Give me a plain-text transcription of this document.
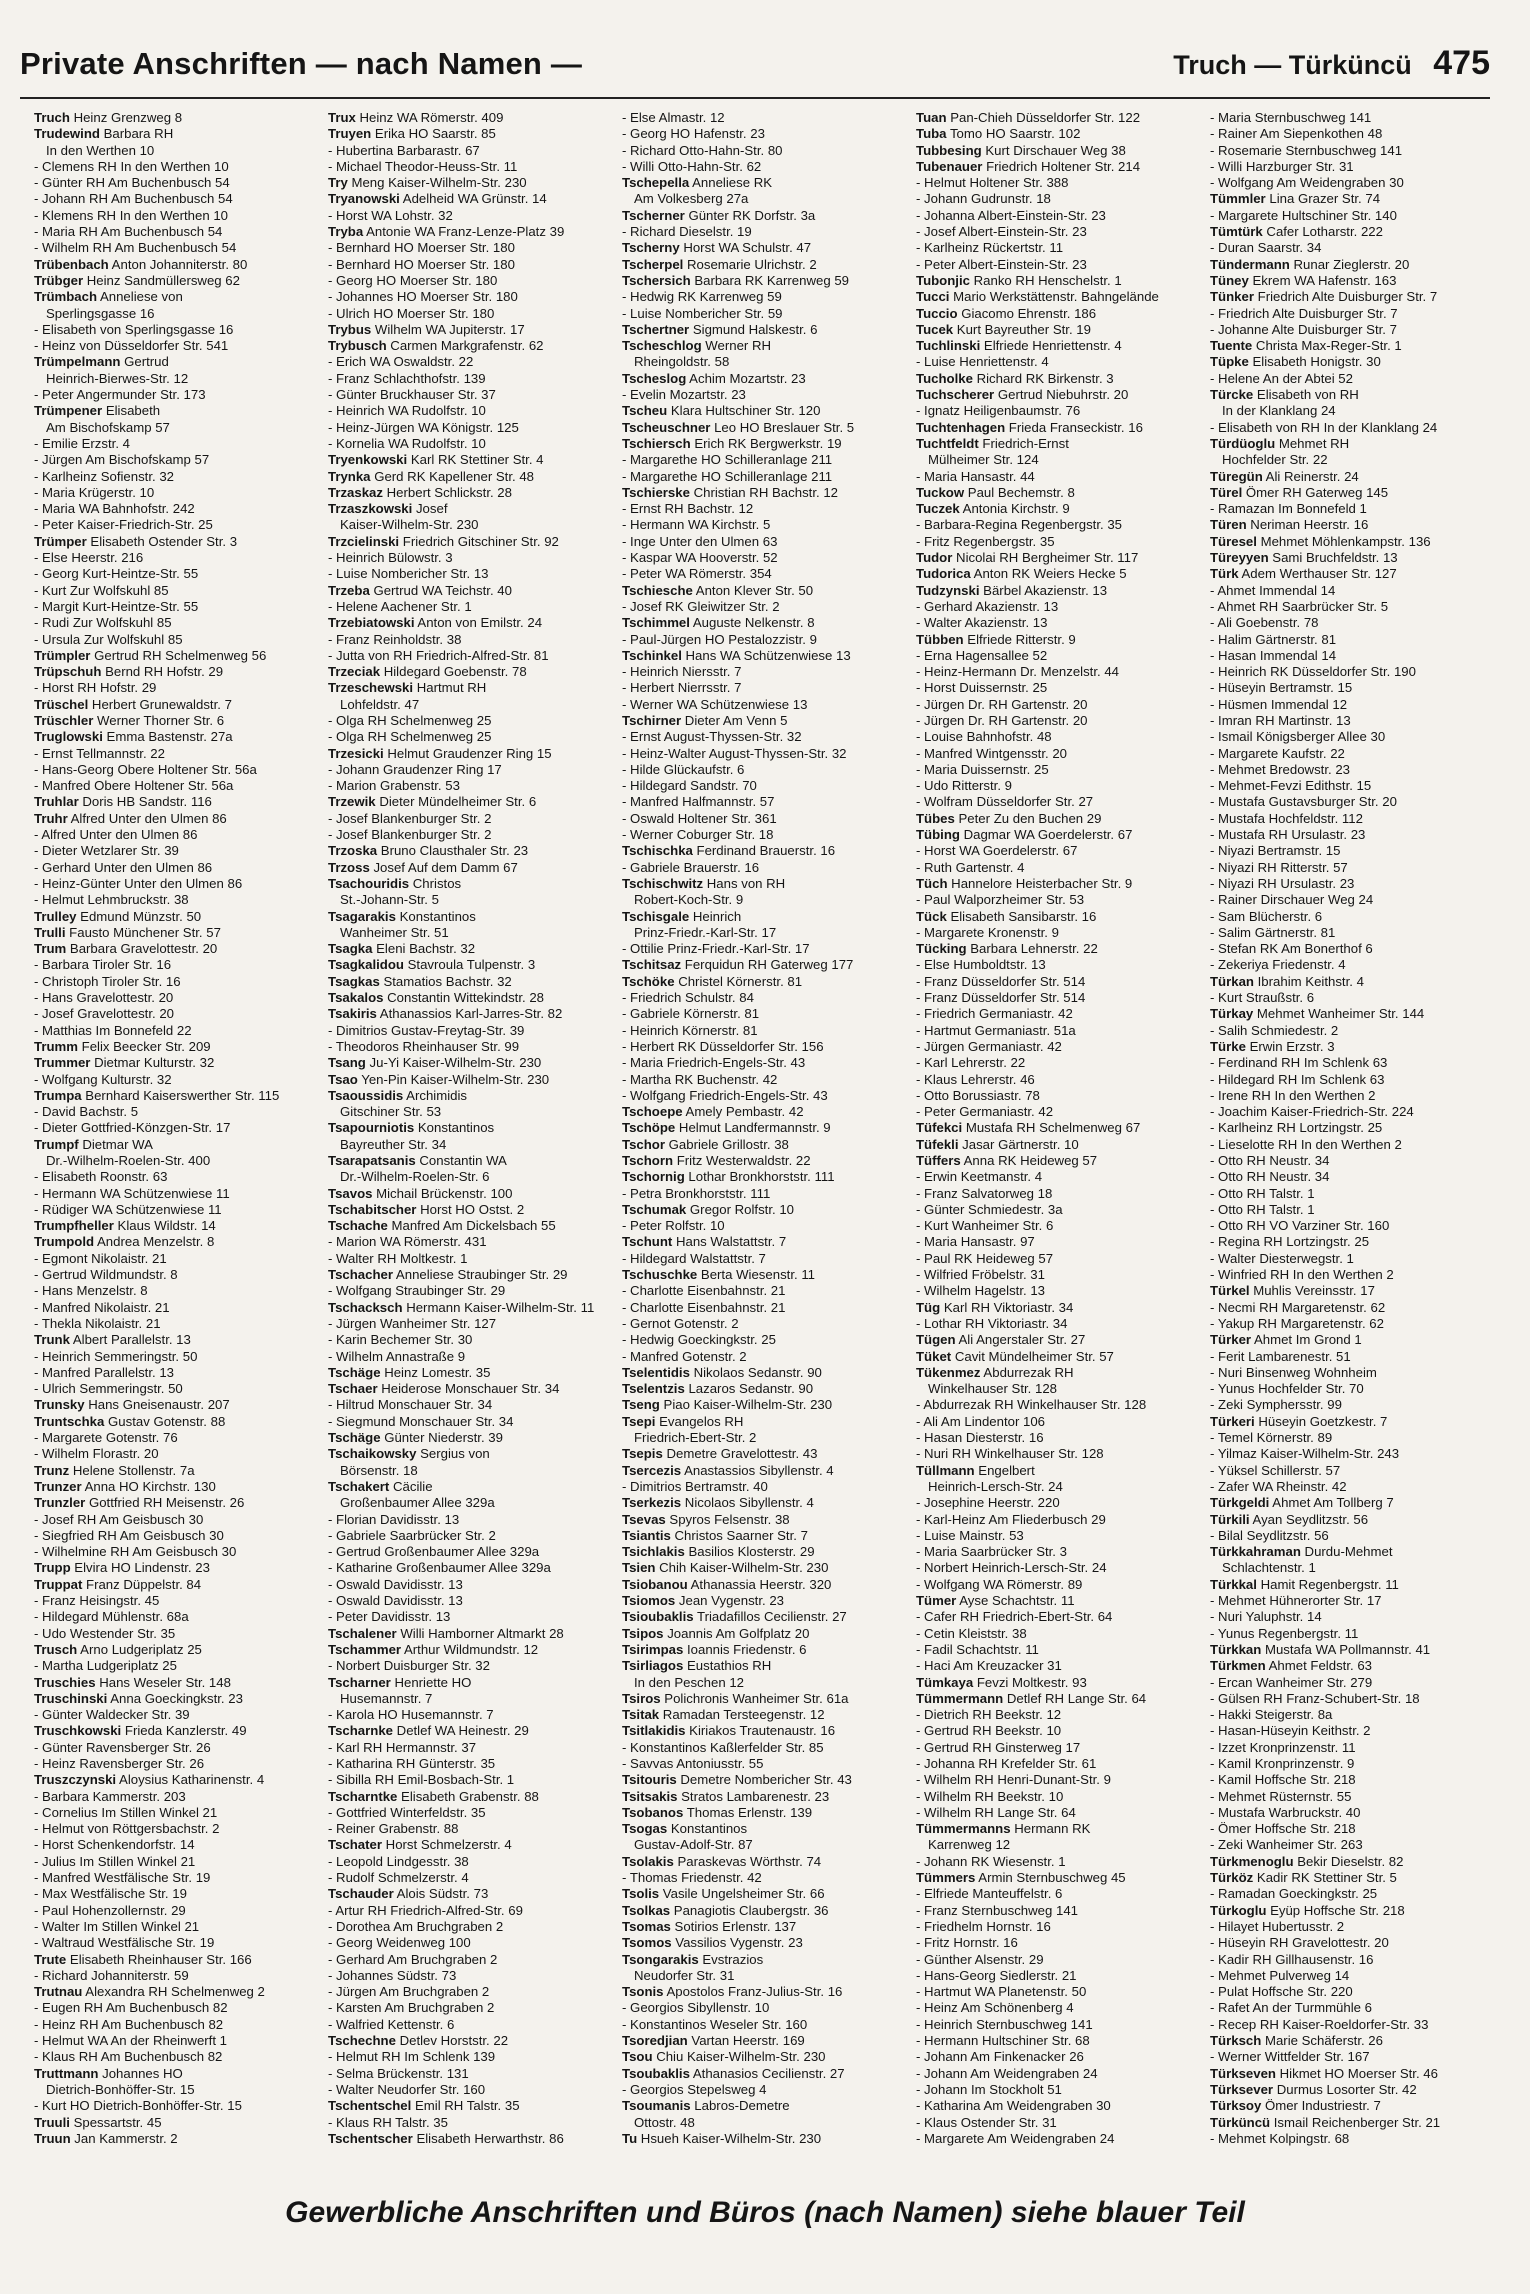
Private Anschriften — nach Namen —	Truch — Türküncü 475
Truch Heinz Grenzweg 8
Trudewind Barbara RH
In den Werthen 10
- Clemens RH In den Werthen 10
- Günter RH Am Buchenbusch 54
- Johann RH Am Buchenbusch 54
- Klemens RH In den Werthen 10
- Maria RH Am Buchenbusch 54
- Wilhelm RH Am Buchenbusch 54
Trübenbach Anton Johanniterstr. 80
Trübger Heinz Sandmüllersweg 62
Trümbach Anneliese von
Sperlingsgasse 16
- Elisabeth von Sperlingsgasse 16
- Heinz von Düsseldorfer Str. 541
Trümpelmann Gertrud
Heinrich-Bierwes-Str. 12
- Peter Angermunder Str. 173
Trümpener Elisabeth
Am Bischofskamp 57
- Emilie Erzstr. 4
- Jürgen Am Bischofskamp 57
- Karlheinz Sofienstr. 32
- Maria Krügerstr. 10
- Maria WA Bahnhofstr. 242
- Peter Kaiser-Friedrich-Str. 25
Trümper Elisabeth Ostender Str. 3
- Else Heerstr. 216
- Georg Kurt-Heintze-Str. 55
- Kurt Zur Wolfskuhl 85
- Margit Kurt-Heintze-Str. 55
- Rudi Zur Wolfskuhl 85
- Ursula Zur Wolfskuhl 85
Trümpler Gertrud RH Schelmenweg 56
Trüpschuh Bernd RH Hofstr. 29
- Horst RH Hofstr. 29
Trüschel Herbert Grunewaldstr. 7
Trüschler Werner Thorner Str. 6
Truglowski Emma Bastenstr. 27a
- Ernst Tellmannstr. 22
- Hans-Georg Obere Holtener Str. 56a
- Manfred Obere Holtener Str. 56a
Truhlar Doris HB Sandstr. 116
Truhr Alfred Unter den Ulmen 86
- Alfred Unter den Ulmen 86
- Dieter Wetzlarer Str. 39
- Gerhard Unter den Ulmen 86
- Heinz-Günter Unter den Ulmen 86
- Helmut Lehmbruckstr. 38
Trulley Edmund Münzstr. 50
Trulli Fausto Münchener Str. 57
Trum Barbara Gravelottestr. 20
- Barbara Tiroler Str. 16
- Christoph Tiroler Str. 16
- Hans Gravelottestr. 20
- Josef Gravelottestr. 20
- Matthias Im Bonnefeld 22
Trumm Felix Beecker Str. 209
Trummer Dietmar Kulturstr. 32
- Wolfgang Kulturstr. 32
Trumpa Bernhard Kaiserswerther Str. 115
- David Bachstr. 5
- Dieter Gottfried-Könzgen-Str. 17
Trumpf Dietmar WA
Dr.-Wilhelm-Roelen-Str. 400
- Elisabeth Roonstr. 63
- Hermann WA Schützenwiese 11
- Rüdiger WA Schützenwiese 11
Trumpfheller Klaus Wildstr. 14
Trumpold Andrea Menzelstr. 8
- Egmont Nikolaistr. 21
- Gertrud Wildmundstr. 8
- Hans Menzelstr. 8
- Manfred Nikolaistr. 21
- Thekla Nikolaistr. 21
Trunk Albert Parallelstr. 13
- Heinrich Semmeringstr. 50
- Manfred Parallelstr. 13
- Ulrich Semmeringstr. 50
Trunsky Hans Gneisenaustr. 207
Truntschka Gustav Gotenstr. 88
- Margarete Gotenstr. 76
- Wilhelm Florastr. 20
Trunz Helene Stollenstr. 7a
Trunzer Anna HO Kirchstr. 130
Trunzler Gottfried RH Meisenstr. 26
- Josef RH Am Geisbusch 30
- Siegfried RH Am Geisbusch 30
- Wilhelmine RH Am Geisbusch 30
Trupp Elvira HO Lindenstr. 23
Truppat Franz Düppelstr. 84
- Franz Heisingstr. 45
- Hildegard Mühlenstr. 68a
- Udo Westender Str. 35
Trusch Arno Ludgeriplatz 25
- Martha Ludgeriplatz 25
Truschies Hans Weseler Str. 148
Truschinski Anna Goeckingkstr. 23
- Günter Waldecker Str. 39
Truschkowski Frieda Kanzlerstr. 49
- Günter Ravensberger Str. 26
- Heinz Ravensberger Str. 26
Truszczynski Aloysius Katharinenstr. 4
- Barbara Kammerstr. 203
- Cornelius Im Stillen Winkel 21
- Helmut von Röttgersbachstr. 2
- Horst Schenkendorfstr. 14
- Julius Im Stillen Winkel 21
- Manfred Westfälische Str. 19
- Max Westfälische Str. 19
- Paul Hohenzollernstr. 29
- Walter Im Stillen Winkel 21
- Waltraud Westfälische Str. 19
Trute Elisabeth Rheinhauser Str. 166
- Richard Johanniterstr. 59
Trutnau Alexandra RH Schelmenweg 2
- Eugen RH Am Buchenbusch 82
- Heinz RH Am Buchenbusch 82
- Helmut WA An der Rheinwerft 1
- Klaus RH Am Buchenbusch 82
Truttmann Johannes HO
Dietrich-Bonhöffer-Str. 15
- Kurt HO Dietrich-Bonhöffer-Str. 15
Truuli Spessartstr. 45
Truun Jan Kammerstr. 2
Trux Heinz WA Römerstr. 409
Truyen Erika HO Saarstr. 85
- Hubertina Barbarastr. 67
- Michael Theodor-Heuss-Str. 11
Try Meng Kaiser-Wilhelm-Str. 230
Tryanowski Adelheid WA Grünstr. 14
- Horst WA Lohstr. 32
Tryba Antonie WA Franz-Lenze-Platz 39
- Bernhard HO Moerser Str. 180
- Bernhard HO Moerser Str. 180
- Georg HO Moerser Str. 180
- Johannes HO Moerser Str. 180
- Ulrich HO Moerser Str. 180
Trybus Wilhelm WA Jupiterstr. 17
Trybusch Carmen Markgrafenstr. 62
- Erich WA Oswaldstr. 22
- Franz Schlachthofstr. 139
- Günter Bruckhauser Str. 37
- Heinrich WA Rudolfstr. 10
- Heinz-Jürgen WA Königstr. 125
- Kornelia WA Rudolfstr. 10
Tryenkowski Karl RK Stettiner Str. 4
Trynka Gerd RK Kapellener Str. 48
Trzaskaz Herbert Schlickstr. 28
Trzaszkowski Josef
Kaiser-Wilhelm-Str. 230
Trzcielinski Friedrich Gitschiner Str. 92
- Heinrich Bülowstr. 3
- Luise Nombericher Str. 13
Trzeba Gertrud WA Teichstr. 40
- Helene Aachener Str. 1
Trzebiatowski Anton von Emilstr. 24
- Franz Reinholdstr. 38
- Jutta von RH Friedrich-Alfred-Str. 81
Trzeciak Hildegard Goebenstr. 78
Trzeschewski Hartmut RH
Lohfeldstr. 47
- Olga RH Schelmenweg 25
- Olga RH Schelmenweg 25
Trzesicki Helmut Graudenzer Ring 15
- Johann Graudenzer Ring 17
- Marion Grabenstr. 53
Trzewik Dieter Mündelheimer Str. 6
- Josef Blankenburger Str. 2
- Josef Blankenburger Str. 2
Trzoska Bruno Clausthaler Str. 23
Trzoss Josef Auf dem Damm 67
Tsachouridis Christos
St.-Johann-Str. 5
Tsagarakis Konstantinos
Wanheimer Str. 51
Tsagka Eleni Bachstr. 32
Tsagkalidou Stavroula Tulpenstr. 3
Tsagkas Stamatios Bachstr. 32
Tsakalos Constantin Wittekindstr. 28
Tsakiris Athanassios Karl-Jarres-Str. 82
- Dimitrios Gustav-Freytag-Str. 39
- Theodoros Rheinhauser Str. 99
Tsang Ju-Yi Kaiser-Wilhelm-Str. 230
Tsao Yen-Pin Kaiser-Wilhelm-Str. 230
Tsaoussidis Archimidis
Gitschiner Str. 53
Tsapourniotis Konstantinos
Bayreuther Str. 34
Tsarapatsanis Constantin WA
Dr.-Wilhelm-Roelen-Str. 6
Tsavos Michail Brückenstr. 100
Tschabitscher Horst HO Ostst. 2
Tschache Manfred Am Dickelsbach 55
- Marion WA Römerstr. 431
- Walter RH Moltkestr. 1
Tschacher Anneliese Straubinger Str. 29
- Wolfgang Straubinger Str. 29
Tschacksch Hermann Kaiser-Wilhelm-Str. 11
- Jürgen Wanheimer Str. 127
- Karin Bechemer Str. 30
- Wilhelm Annastraße 9
Tschäge Heinz Lomestr. 35
Tschaer Heiderose Monschauer Str. 34
- Hiltrud Monschauer Str. 34
- Siegmund Monschauer Str. 34
Tschäge Günter Niederstr. 39
Tschaikowsky Sergius von
Börsenstr. 18
Tschakert Cäcilie
Großenbaumer Allee 329a
- Florian Davidisstr. 13
- Gabriele Saarbrücker Str. 2
- Gertrud Großenbaumer Allee 329a
- Katharine Großenbaumer Allee 329a
- Oswald Davidisstr. 13
- Oswald Davidisstr. 13
- Peter Davidisstr. 13
Tschalener Willi Hamborner Altmarkt 28
Tschammer Arthur Wildmundstr. 12
- Norbert Duisburger Str. 32
Tscharner Henriette HO
Husemannstr. 7
- Karola HO Husemannstr. 7
Tscharnke Detlef WA Heinestr. 29
- Karl RH Hermannstr. 37
- Katharina RH Günterstr. 35
- Sibilla RH Emil-Bosbach-Str. 1
Tscharntke Elisabeth Grabenstr. 88
- Gottfried Winterfeldstr. 35
- Reiner Grabenstr. 88
Tschater Horst Schmelzerstr. 4
- Leopold Lindgesstr. 38
- Rudolf Schmelzerstr. 4
Tschauder Alois Südstr. 73
- Artur RH Friedrich-Alfred-Str. 69
- Dorothea Am Bruchgraben 2
- Georg Weidenweg 100
- Gerhard Am Bruchgraben 2
- Johannes Südstr. 73
- Jürgen Am Bruchgraben 2
- Karsten Am Bruchgraben 2
- Walfried Kettenstr. 6
Tschechne Detlev Horststr. 22
- Helmut RH Im Schlenk 139
- Selma Brückenstr. 131
- Walter Neudorfer Str. 160
Tschentschel Emil RH Talstr. 35
- Klaus RH Talstr. 35
Tschentscher Elisabeth Herwarthstr. 86
- Else Almastr. 12
- Georg HO Hafenstr. 23
- Richard Otto-Hahn-Str. 80
- Willi Otto-Hahn-Str. 62
Tschepella Anneliese RK
Am Volkesberg 27a
Tscherner Günter RK Dorfstr. 3a
- Richard Dieselstr. 19
Tscherny Horst WA Schulstr. 47
Tscherpel Rosemarie Ulrichstr. 2
Tschersich Barbara RK Karrenweg 59
- Hedwig RK Karrenweg 59
- Luise Nombericher Str. 59
Tschertner Sigmund Halskestr. 6
Tscheschlog Werner RH
Rheingoldstr. 58
Tscheslog Achim Mozartstr. 23
- Evelin Mozartstr. 23
Tscheu Klara Hultschiner Str. 120
Tscheuschner Leo HO Breslauer Str. 5
Tschiersch Erich RK Bergwerkstr. 19
- Margarethe HO Schilleranlage 211
- Margarethe HO Schilleranlage 211
Tschierske Christian RH Bachstr. 12
- Ernst RH Bachstr. 12
- Hermann WA Kirchstr. 5
- Inge Unter den Ulmen 63
- Kaspar WA Hooverstr. 52
- Peter WA Römerstr. 354
Tschiesche Anton Klever Str. 50
- Josef RK Gleiwitzer Str. 2
Tschimmel Auguste Nelkenstr. 8
- Paul-Jürgen HO Pestalozzistr. 9
Tschinkel Hans WA Schützenwiese 13
- Heinrich Niersstr. 7
- Herbert Nierrsstr. 7
- Werner WA Schützenwiese 13
Tschirner Dieter Am Venn 5
- Ernst August-Thyssen-Str. 32
- Heinz-Walter August-Thyssen-Str. 32
- Hilde Glückaufstr. 6
- Hildegard Sandstr. 70
- Manfred Halfmannstr. 57
- Oswald Holtener Str. 361
- Werner Coburger Str. 18
Tschischka Ferdinand Brauerstr. 16
- Gabriele Brauerstr. 16
Tschischwitz Hans von RH
Robert-Koch-Str. 9
Tschisgale Heinrich
Prinz-Friedr.-Karl-Str. 17
- Ottilie Prinz-Friedr.-Karl-Str. 17
Tschitsaz Ferquidun RH Gaterweg 177
Tschöke Christel Körnerstr. 81
- Friedrich Schulstr. 84
- Gabriele Körnerstr. 81
- Heinrich Körnerstr. 81
- Herbert RK Düsseldorfer Str. 156
- Maria Friedrich-Engels-Str. 43
- Martha RK Buchenstr. 42
- Wolfgang Friedrich-Engels-Str. 43
Tschoepe Amely Pembastr. 42
Tschöpe Helmut Landfermannstr. 9
Tschor Gabriele Grillostr. 38
Tschorn Fritz Westerwaldstr. 22
Tschornig Lothar Bronkhorststr. 111
- Petra Bronkhorststr. 111
Tschumak Gregor Rolfstr. 10
- Peter Rolfstr. 10
Tschunt Hans Walstattstr. 7
- Hildegard Walstattstr. 7
Tschuschke Berta Wiesenstr. 11
- Charlotte Eisenbahnstr. 21
- Charlotte Eisenbahnstr. 21
- Gernot Gotenstr. 2
- Hedwig Goeckingkstr. 25
- Manfred Gotenstr. 2
Tselentidis Nikolaos Sedanstr. 90
Tselentzis Lazaros Sedanstr. 90
Tseng Piao Kaiser-Wilhelm-Str. 230
Tsepi Evangelos RH
Friedrich-Ebert-Str. 2
Tsepis Demetre Gravelottestr. 43
Tsercezis Anastassios Sibyllenstr. 4
- Dimitrios Bertramstr. 40
Tserkezis Nicolaos Sibyllenstr. 4
Tsevas Spyros Felsenstr. 38
Tsiantis Christos Saarner Str. 7
Tsichlakis Basilios Klosterstr. 29
Tsien Chih Kaiser-Wilhelm-Str. 230
Tsiobanou Athanassia Heerstr. 320
Tsiomos Jean Vygenstr. 23
Tsioubaklis Triadafillos Cecilienstr. 27
Tsipos Joannis Am Golfplatz 20
Tsirimpas Ioannis Friedenstr. 6
Tsirliagos Eustathios RH
In den Peschen 12
Tsiros Polichronis Wanheimer Str. 61a
Tsitak Ramadan Tersteegenstr. 12
Tsitlakidis Kiriakos Trautenaustr. 16
- Konstantinos Kaßlerfelder Str. 85
- Savvas Antoniusstr. 55
Tsitouris Demetre Nombericher Str. 43
Tsitsakis Stratos Lambarenestr. 23
Tsobanos Thomas Erlenstr. 139
Tsogas Konstantinos
Gustav-Adolf-Str. 87
Tsolakis Paraskevas Wörthstr. 74
- Thomas Friedenstr. 42
Tsolis Vasile Ungelsheimer Str. 66
Tsolkas Panagiotis Claubergstr. 36
Tsomas Sotirios Erlenstr. 137
Tsomos Vassilios Vygenstr. 23
Tsongarakis Evstrazios
Neudorfer Str. 31
Tsonis Apostolos Franz-Julius-Str. 16
- Georgios Sibyllenstr. 10
- Konstantinos Weseler Str. 160
Tsoredjian Vartan Heerstr. 169
Tsou Chiu Kaiser-Wilhelm-Str. 230
Tsoubaklis Athanasios Cecilienstr. 27
- Georgios Stepelsweg 4
Tsoumanis Labros-Demetre
Ottostr. 48
Tu Hsueh Kaiser-Wilhelm-Str. 230
Tuan Pan-Chieh Düsseldorfer Str. 122
Tuba Tomo HO Saarstr. 102
Tubbesing Kurt Dirschauer Weg 38
Tubenauer Friedrich Holtener Str. 214
- Helmut Holtener Str. 388
- Johann Gudrunstr. 18
- Johanna Albert-Einstein-Str. 23
- Josef Albert-Einstein-Str. 23
- Karlheinz Rückertstr. 11
- Peter Albert-Einstein-Str. 23
Tubonjic Ranko RH Henschelstr. 1
Tucci Mario Werkstättenstr. Bahngelände
Tuccio Giacomo Ehrenstr. 186
Tucek Kurt Bayreuther Str. 19
Tuchlinski Elfriede Henriettenstr. 4
- Luise Henriettenstr. 4
Tucholke Richard RK Birkenstr. 3
Tuchscherer Gertrud Niebuhrstr. 20
- Ignatz Heiligenbaumstr. 76
Tuchtenhagen Frieda Franseckistr. 16
Tuchtfeldt Friedrich-Ernst
Mülheimer Str. 124
- Maria Hansastr. 44
Tuckow Paul Bechemstr. 8
Tuczek Antonia Kirchstr. 9
- Barbara-Regina Regenbergstr. 35
- Fritz Regenbergstr. 35
Tudor Nicolai RH Bergheimer Str. 117
Tudorica Anton RK Weiers Hecke 5
Tudzynski Bärbel Akazienstr. 13
- Gerhard Akazienstr. 13
- Walter Akazienstr. 13
Tübben Elfriede Ritterstr. 9
- Erna Hagensallee 52
- Heinz-Hermann Dr. Menzelstr. 44
- Horst Duissernstr. 25
- Jürgen Dr. RH Gartenstr. 20
- Jürgen Dr. RH Gartenstr. 20
- Louise Bahnhofstr. 48
- Manfred Wintgensstr. 20
- Maria Duissernstr. 25
- Udo Ritterstr. 9
- Wolfram Düsseldorfer Str. 27
Tübes Peter Zu den Buchen 29
Tübing Dagmar WA Goerdelerstr. 67
- Horst WA Goerdelerstr. 67
- Ruth Gartenstr. 4
Tüch Hannelore Heisterbacher Str. 9
- Paul Walporzheimer Str. 53
Tück Elisabeth Sansibarstr. 16
- Margarete Kronenstr. 9
Tücking Barbara Lehnerstr. 22
- Else Humboldtstr. 13
- Franz Düsseldorfer Str. 514
- Franz Düsseldorfer Str. 514
- Friedrich Germaniastr. 42
- Hartmut Germaniastr. 51a
- Jürgen Germaniastr. 42
- Karl Lehrerstr. 22
- Klaus Lehrerstr. 46
- Otto Borussiastr. 78
- Peter Germaniastr. 42
Tüfekci Mustafa RH Schelmenweg 67
Tüfekli Jasar Gärtnerstr. 10
Tüffers Anna RK Heideweg 57
- Erwin Keetmanstr. 4
- Franz Salvatorweg 18
- Günter Schmiedestr. 3a
- Kurt Wanheimer Str. 6
- Maria Hansastr. 97
- Paul RK Heideweg 57
- Wilfried Fröbelstr. 31
- Wilhelm Hagelstr. 13
Tüg Karl RH Viktoriastr. 34
- Lothar RH Viktoriastr. 34
Tügen Ali Angerstaler Str. 27
Tüket Cavit Mündelheimer Str. 57
Tükenmez Abdurrezak RH
Winkelhauser Str. 128
- Abdurrezak RH Winkelhauser Str. 128
- Ali Am Lindentor 106
- Hasan Diesterstr. 16
- Nuri RH Winkelhauser Str. 128
Tüllmann Engelbert
Heinrich-Lersch-Str. 24
- Josephine Heerstr. 220
- Karl-Heinz Am Fliederbusch 29
- Luise Mainstr. 53
- Maria Saarbrücker Str. 3
- Norbert Heinrich-Lersch-Str. 24
- Wolfgang WA Römerstr. 89
Tümer Ayse Schachtstr. 11
- Cafer RH Friedrich-Ebert-Str. 64
- Cetin Kleiststr. 38
- Fadil Schachtstr. 11
- Haci Am Kreuzacker 31
Tümkaya Fevzi Moltkestr. 93
Tümmermann Detlef RH Lange Str. 64
- Dietrich RH Beekstr. 12
- Gertrud RH Beekstr. 10
- Gertrud RH Ginsterweg 17
- Johanna RH Krefelder Str. 61
- Wilhelm RH Henri-Dunant-Str. 9
- Wilhelm RH Beekstr. 10
- Wilhelm RH Lange Str. 64
Tümmermanns Hermann RK
Karrenweg 12
- Johann RK Wiesenstr. 1
Tümmers Armin Sternbuschweg 45
- Elfriede Manteuffelstr. 6
- Franz Sternbuschweg 141
- Friedhelm Hornstr. 16
- Fritz Hornstr. 16
- Günther Alsenstr. 29
- Hans-Georg Siedlerstr. 21
- Hartmut WA Planetenstr. 50
- Heinz Am Schönenberg 4
- Heinrich Sternbuschweg 141
- Hermann Hultschiner Str. 68
- Johann Am Finkenacker 26
- Johann Am Weidengraben 24
- Johann Im Stockholt 51
- Katharina Am Weidengraben 30
- Klaus Ostender Str. 31
- Margarete Am Weidengraben 24
- Maria Sternbuschweg 141
- Rainer Am Siepenkothen 48
- Rosemarie Sternbuschweg 141
- Willi Harzburger Str. 31
- Wolfgang Am Weidengraben 30
Tümmler Lina Grazer Str. 74
- Margarete Hultschiner Str. 140
Tümtürk Cafer Lotharstr. 222
- Duran Saarstr. 34
Tündermann Runar Zieglerstr. 20
Tüney Ekrem WA Hafenstr. 163
Tünker Friedrich Alte Duisburger Str. 7
- Friedrich Alte Duisburger Str. 7
- Johanne Alte Duisburger Str. 7
Tuente Christa Max-Reger-Str. 1
Tüpke Elisabeth Honigstr. 30
- Helene An der Abtei 52
Türcke Elisabeth von RH
In der Klanklang 24
- Elisabeth von RH In der Klanklang 24
Türdüoglu Mehmet RH
Hochfelder Str. 22
Türegün Ali Reinerstr. 24
Türel Ömer RH Gaterweg 145
- Ramazan Im Bonnefeld 1
Türen Neriman Heerstr. 16
Türesel Mehmet Möhlenkampstr. 136
Türeyyen Sami Bruchfeldstr. 13
Türk Adem Werthauser Str. 127
- Ahmet Immendal 14
- Ahmet RH Saarbrücker Str. 5
- Ali Goebenstr. 78
- Halim Gärtnerstr. 81
- Hasan Immendal 14
- Heinrich RK Düsseldorfer Str. 190
- Hüseyin Bertramstr. 15
- Hüsmen Immendal 12
- Imran RH Martinstr. 13
- Ismail Königsberger Allee 30
- Margarete Kaufstr. 22
- Mehmet Bredowstr. 23
- Mehmet-Fevzi Edithstr. 15
- Mustafa Gustavsburger Str. 20
- Mustafa Hochfeldstr. 112
- Mustafa RH Ursulastr. 23
- Niyazi Bertramstr. 15
- Niyazi RH Ritterstr. 57
- Niyazi RH Ursulastr. 23
- Rainer Dirschauer Weg 24
- Sam Blücherstr. 6
- Salim Gärtnerstr. 81
- Stefan RK Am Bonerthof 6
- Zekeriya Friedenstr. 4
Türkan Ibrahim Keithstr. 4
- Kurt Straußstr. 6
Türkay Mehmet Wanheimer Str. 144
- Salih Schmiedestr. 2
Türke Erwin Erzstr. 3
- Ferdinand RH Im Schlenk 63
- Hildegard RH Im Schlenk 63
- Irene RH In den Werthen 2
- Joachim Kaiser-Friedrich-Str. 224
- Karlheinz RH Lortzingstr. 25
- Lieselotte RH In den Werthen 2
- Otto RH Neustr. 34
- Otto RH Neustr. 34
- Otto RH Talstr. 1
- Otto RH Talstr. 1
- Otto RH VO Varziner Str. 160
- Regina RH Lortzingstr. 25
- Walter Diesterwegstr. 1
- Winfried RH In den Werthen 2
Türkel Muhlis Vereinsstr. 17
- Necmi RH Margaretenstr. 62
- Yakup RH Margaretenstr. 62
Türker Ahmet Im Grond 1
- Ferit Lambarenestr. 51
- Nuri Binsenweg Wohnheim
- Yunus Hochfelder Str. 70
- Zeki Symphersstr. 99
Türkeri Hüseyin Goetzkestr. 7
- Temel Körnerstr. 89
- Yilmaz Kaiser-Wilhelm-Str. 243
- Yüksel Schillerstr. 57
- Zafer WA Rheinstr. 42
Türkgeldi Ahmet Am Tollberg 7
Türkili Ayan Seydlitzstr. 56
- Bilal Seydlitzstr. 56
Türkkahraman Durdu-Mehmet
Schlachtenstr. 1
Türkkal Hamit Regenbergstr. 11
- Mehmet Hühnerorter Str. 17
- Nuri Yaluphstr. 14
- Yunus Regenbergstr. 11
Türkkan Mustafa WA Pollmannstr. 41
Türkmen Ahmet Feldstr. 63
- Ercan Wanheimer Str. 279
- Gülsen RH Franz-Schubert-Str. 18
- Hakki Steigerstr. 8a
- Hasan-Hüseyin Keithstr. 2
- Izzet Kronprinzenstr. 11
- Kamil Kronprinzenstr. 9
- Kamil Hoffsche Str. 218
- Mehmet Rüsternstr. 55
- Mustafa Warbruckstr. 40
- Ömer Hoffsche Str. 218
- Zeki Wanheimer Str. 263
Türkmenoglu Bekir Dieselstr. 82
Türköz Kadir RK Stettiner Str. 5
- Ramadan Goeckingkstr. 25
Türkoglu Eyüp Hoffsche Str. 218
- Hilayet Hubertusstr. 2
- Hüseyin RH Gravelottestr. 20
- Kadir RH Gillhausenstr. 16
- Mehmet Pulverweg 14
- Pulat Hoffsche Str. 220
- Rafet An der Turmmühle 6
- Recep RH Kaiser-Roeldorfer-Str. 33
Türksch Marie Schäferstr. 26
- Werner Wittfelder Str. 167
Türkseven Hikmet HO Moerser Str. 46
Türksever Durmus Losorter Str. 42
Türksoy Ömer Industriestr. 7
Türküncü Ismail Reichenberger Str. 21
- Mehmet Kolpingstr. 68
Gewerbliche Anschriften und Büros (nach Namen) siehe blauer Teil
